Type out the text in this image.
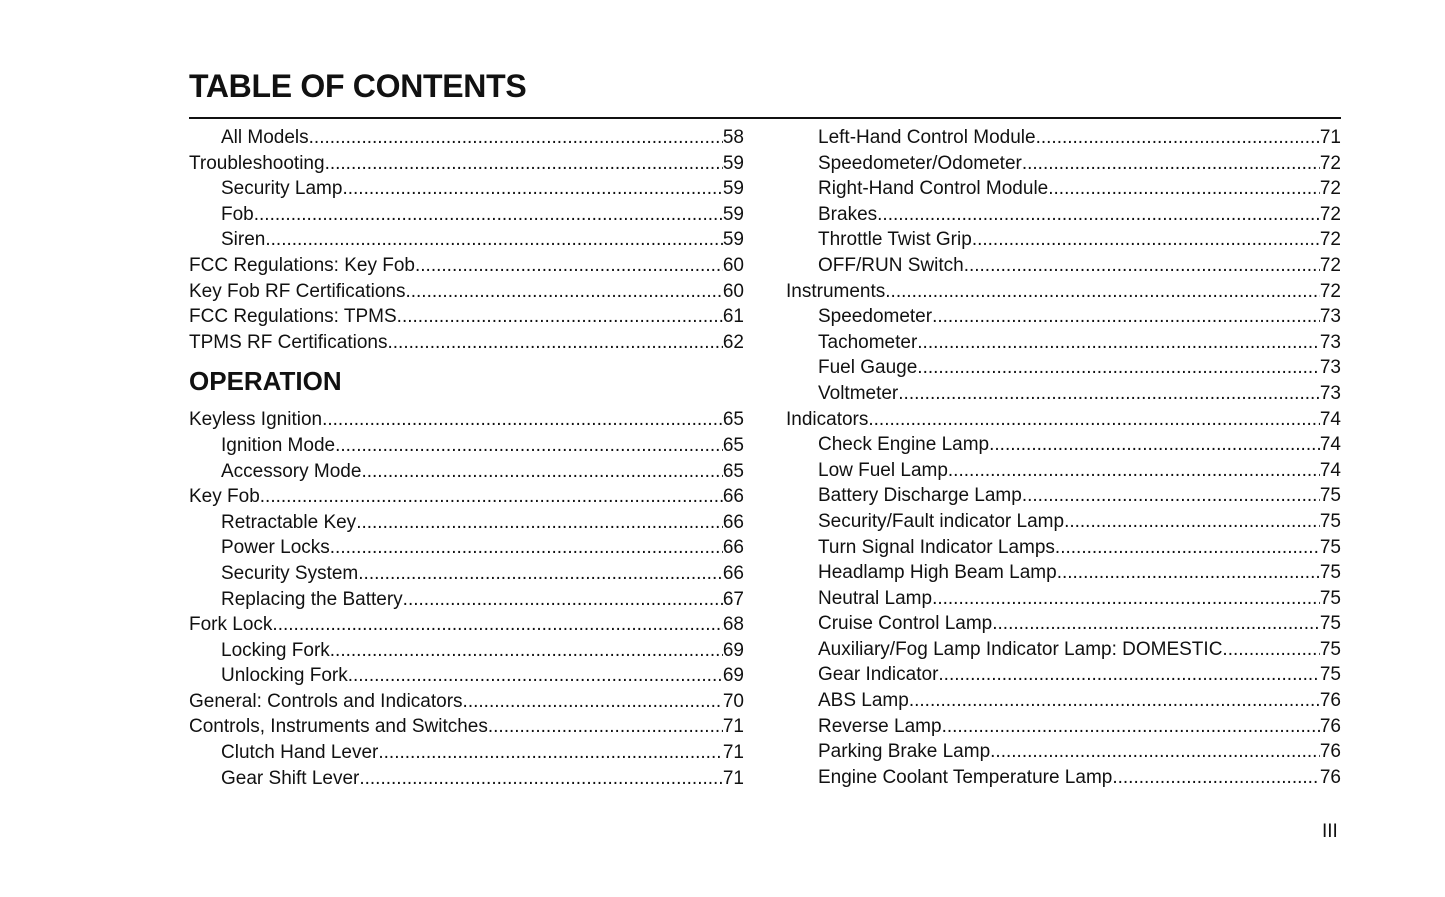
TABLE OF CONTENTS
All Models .....	58
Troubleshooting .....	59
Security Lamp .....	59
Fob .....	59
Siren .....	59
FCC Regulations: Key Fob .....	60
Key Fob RF Certifications .....	60
FCC Regulations: TPMS .....	61
TPMS RF Certifications .....	62
OPERATION
Keyless Ignition .....	65
Ignition Mode .....	65
Accessory Mode .....	65
Key Fob .....	66
Retractable Key .....	66
Power Locks .....	66
Security System .....	66
Replacing the Battery .....	67
Fork Lock .....	68
Locking Fork .....	69
Unlocking Fork .....	69
General: Controls and Indicators .....	70
Controls, Instruments and Switches .....	71
Clutch Hand Lever .....	71
Gear Shift Lever .....	71
Left-Hand Control Module .....	71
Speedometer/Odometer .....	72
Right-Hand Control Module .....	72
Brakes .....	72
Throttle Twist Grip .....	72
OFF/RUN Switch .....	72
Instruments .....	72
Speedometer .....	73
Tachometer .....	73
Fuel Gauge .....	73
Voltmeter .....	73
Indicators .....	74
Check Engine Lamp .....	74
Low Fuel Lamp .....	74
Battery Discharge Lamp .....	75
Security/Fault indicator Lamp .....	75
Turn Signal Indicator Lamps .....	75
Headlamp High Beam Lamp .....	75
Neutral Lamp .....	75
Cruise Control Lamp .....	75
Auxiliary/Fog Lamp Indicator Lamp: DOMESTIC .....	75
Gear Indicator .....	75
ABS Lamp .....	76
Reverse Lamp .....	76
Parking Brake Lamp .....	76
Engine Coolant Temperature Lamp .....	76
III
